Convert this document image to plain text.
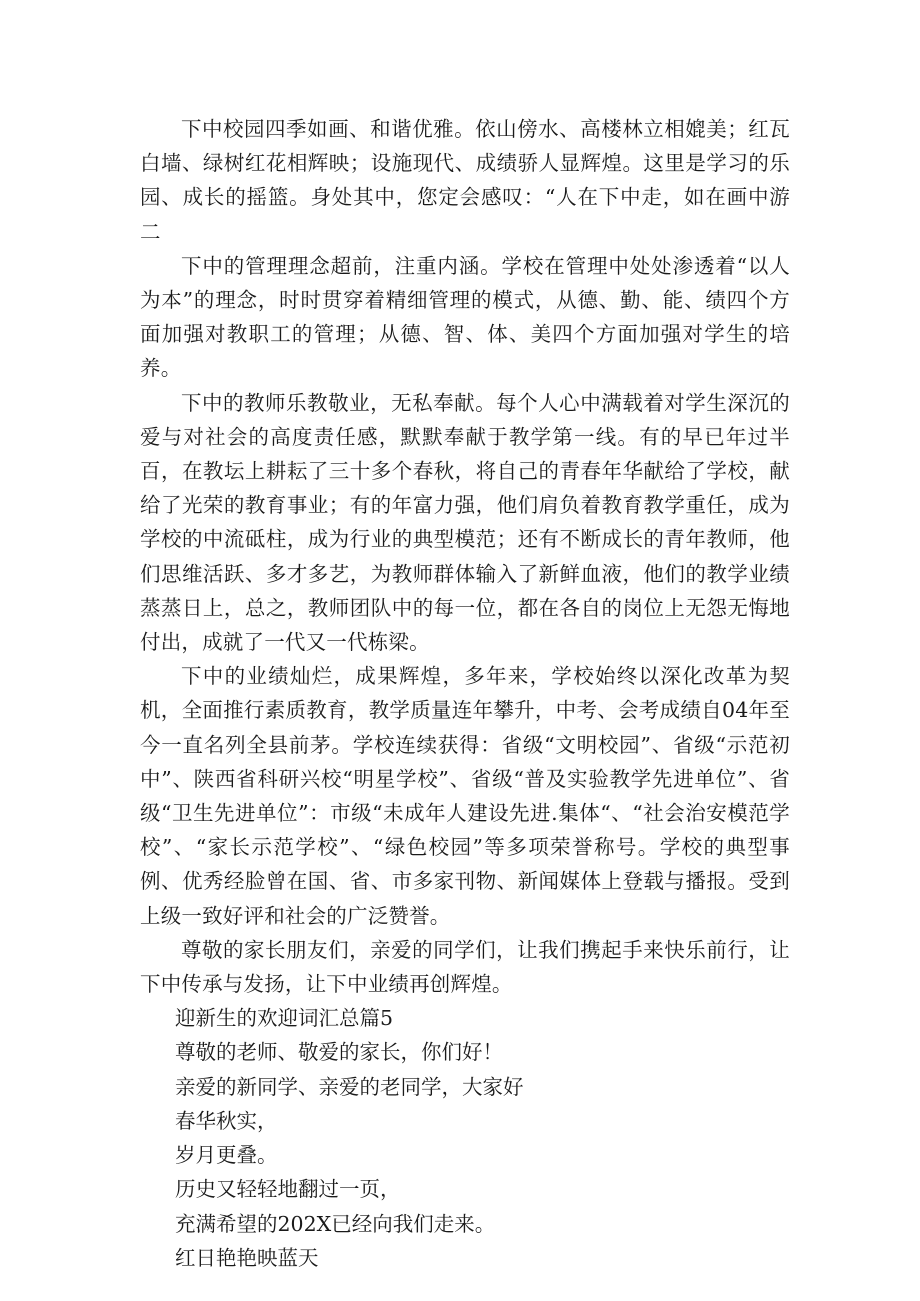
下中校园四季如画、和谐优雅。依山傍水、高楼林立相媲美；红瓦白墙、绿树红花相辉映；设施现代、成绩骄人显辉煌。这里是学习的乐园、成长的摇篮。身处其中，您定会感叹：“人在下中走，如在画中游二

下中的管理理念超前，注重内涵。学校在管理中处处渗透着“以人为本”的理念，时时贯穿着精细管理的模式，从德、勤、能、绩四个方面加强对教职工的管理；从德、智、体、美四个方面加强对学生的培养。

下中的教师乐教敬业，无私奉献。每个人心中满载着对学生深沉的爱与对社会的高度责任感，默默奉献于教学第一线。有的早已年过半百，在教坛上耕耘了三十多个春秋，将自己的青春年华献给了学校，献给了光荣的教育事业；有的年富力强，他们肩负着教育教学重任，成为学校的中流砥柱，成为行业的典型模范；还有不断成长的青年教师，他们思维活跃、多才多艺，为教师群体输入了新鲜血液，他们的教学业绩蒸蒸日上，总之，教师团队中的每一位，都在各自的岗位上无怨无悔地付出，成就了一代又一代栋梁。

下中的业绩灿烂，成果辉煌，多年来，学校始终以深化改革为契机，全面推行素质教育，教学质量连年攀升，中考、会考成绩自04年至今一直名列全县前茅。学校连续获得：省级“文明校园”、省级“示范初中”、陕西省科研兴校“明星学校”、省级“普及实验教学先进单位”、省级“卫生先进单位”：市级“未成年人建设先进.集体“、“社会治安模范学校”、“家长示范学校”、“绿色校园”等多项荣誉称号。学校的典型事例、优秀经脸曾在国、省、市多家刊物、新闻媒体上登载与播报。受到上级一致好评和社会的广泛赞誉。

尊敬的家长朋友们，亲爱的同学们，让我们携起手来快乐前行，让下中传承与发扬，让下中业绩再创辉煌。

迎新生的欢迎词汇总篇5

尊敬的老师、敬爱的家长，你们好！

亲爱的新同学、亲爱的老同学，大家好

春华秋实，

岁月更叠。

历史又轻轻地翻过一页，

充满希望的202X已经向我们走来。

红日艳艳映蓝天
